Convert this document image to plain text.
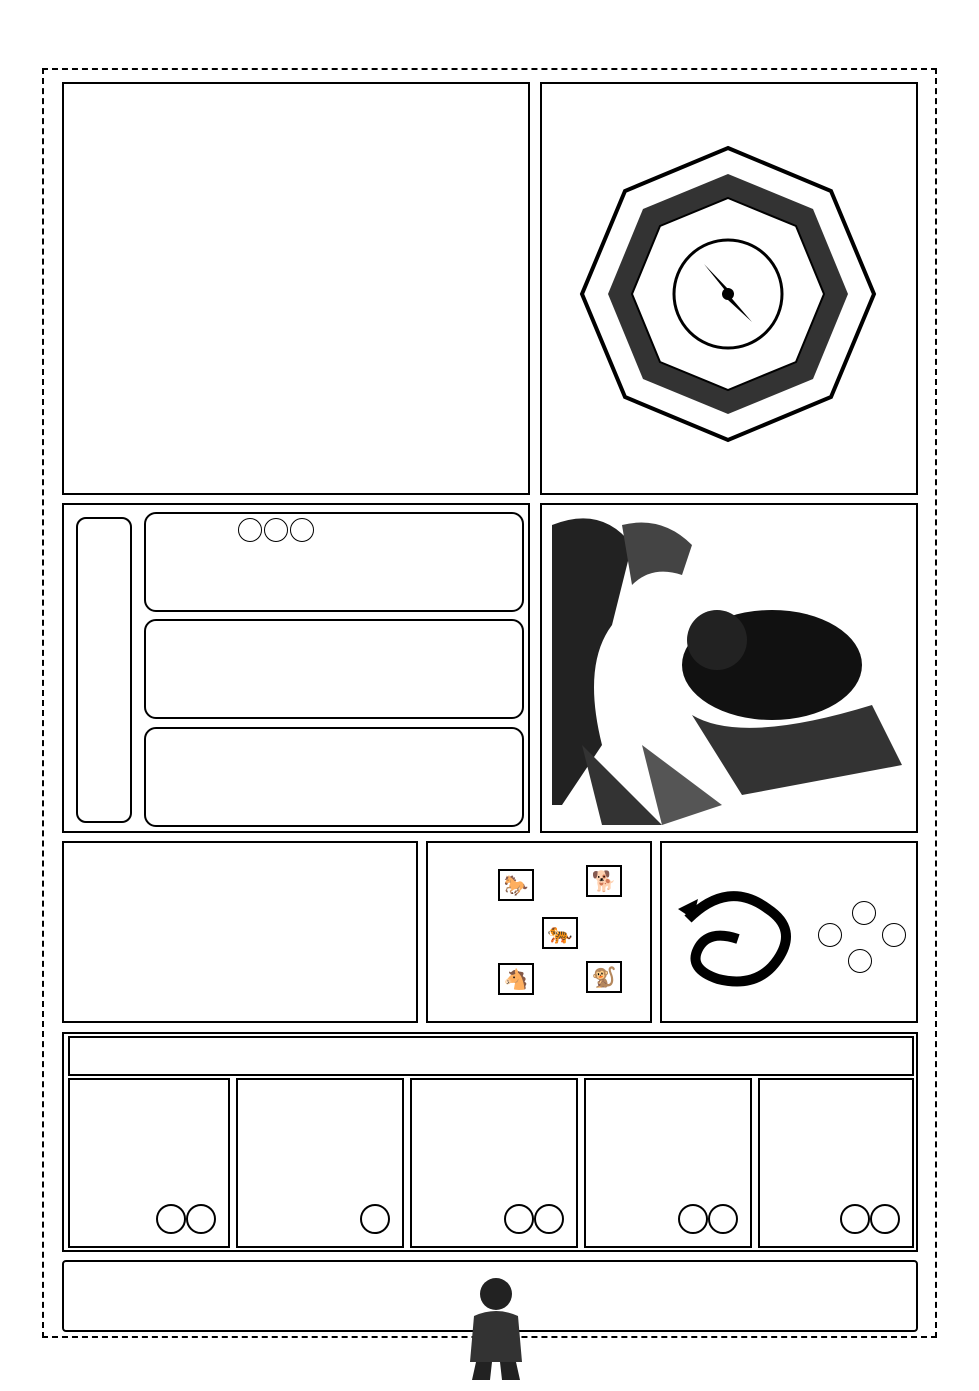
🐎	🐕
🐅
🐴	🐒
